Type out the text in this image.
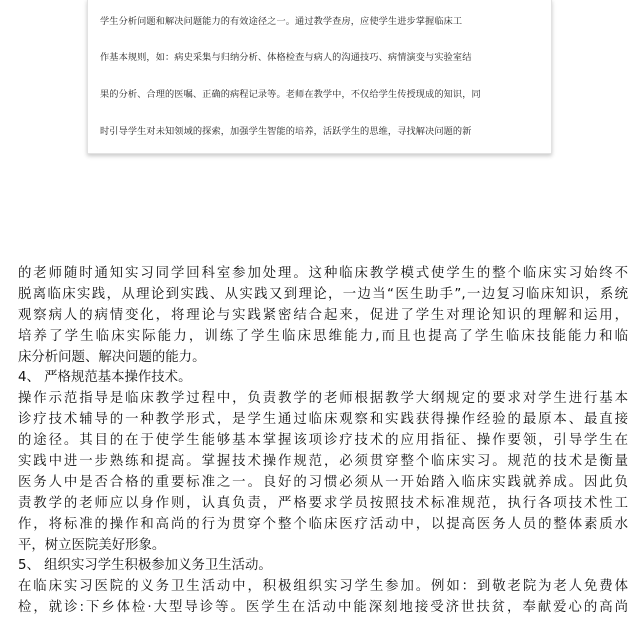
学生分析问题和解决问题能力的有效途径之一。通过教学查房，应使学生进步掌握临床工

作基本规则，如：病史采集与归纳分析、体格检查与病人的沟通技巧、病情演变与实验室结

果的分析、合理的医嘱、正确的病程记录等。老师在教学中，不仅给学生传授现成的知识，同

时引导学生对未知领域的探索，加强学生智能的培养，活跃学生的思维，寻找解决问题的新

的老师随时通知实习同学回科室参加处理。这种临床教学模式使学生的整个临床实习始终不
脱离临床实践，从理论到实践、从实践又到理论，一边当“医生助手”,一边复习临床知识，系统
观察病人的病情变化，将理论与实践紧密结合起来，促进了学生对理论知识的理解和运用，
培养了学生临床实际能力，训练了学生临床思维能力,而且也提高了学生临床技能能力和临
床分析问题、解决问题的能力。
4、 严格规范基本操作技术。
操作示范指导是临床教学过程中，负责教学的老师根据教学大纲规定的要求对学生进行基本
诊疗技术辅导的一种教学形式，是学生通过临床观察和实践获得操作经验的最原本、最直接
的途径。其目的在于使学生能够基本掌握该项诊疗技术的应用指征、操作要领，引导学生在
实践中进一步熟练和提高。掌握技术操作规范，必须贯穿整个临床实习。规范的技术是衡量
医务人中是否合格的重要标准之一。良好的习惯必须从一开始踏入临床实践就养成。因此负
责教学的老师应以身作则，认真负责，严格要求学员按照技术标准规范，执行各项技术性工
作，将标准的操作和高尚的行为贯穿个整个临床医疗活动中，以提高医务人员的整体素质水
平，树立医院美好形象。
5、 组织实习学生积极参加义务卫生活动。
在临床实习医院的义务卫生活动中，积极组织实习学生参加。例如：到敬老院为老人免费体
检，就诊:下乡体检·大型导诊等。医学生在活动中能深刻地接受济世扶贫，奉献爱心的高尚
